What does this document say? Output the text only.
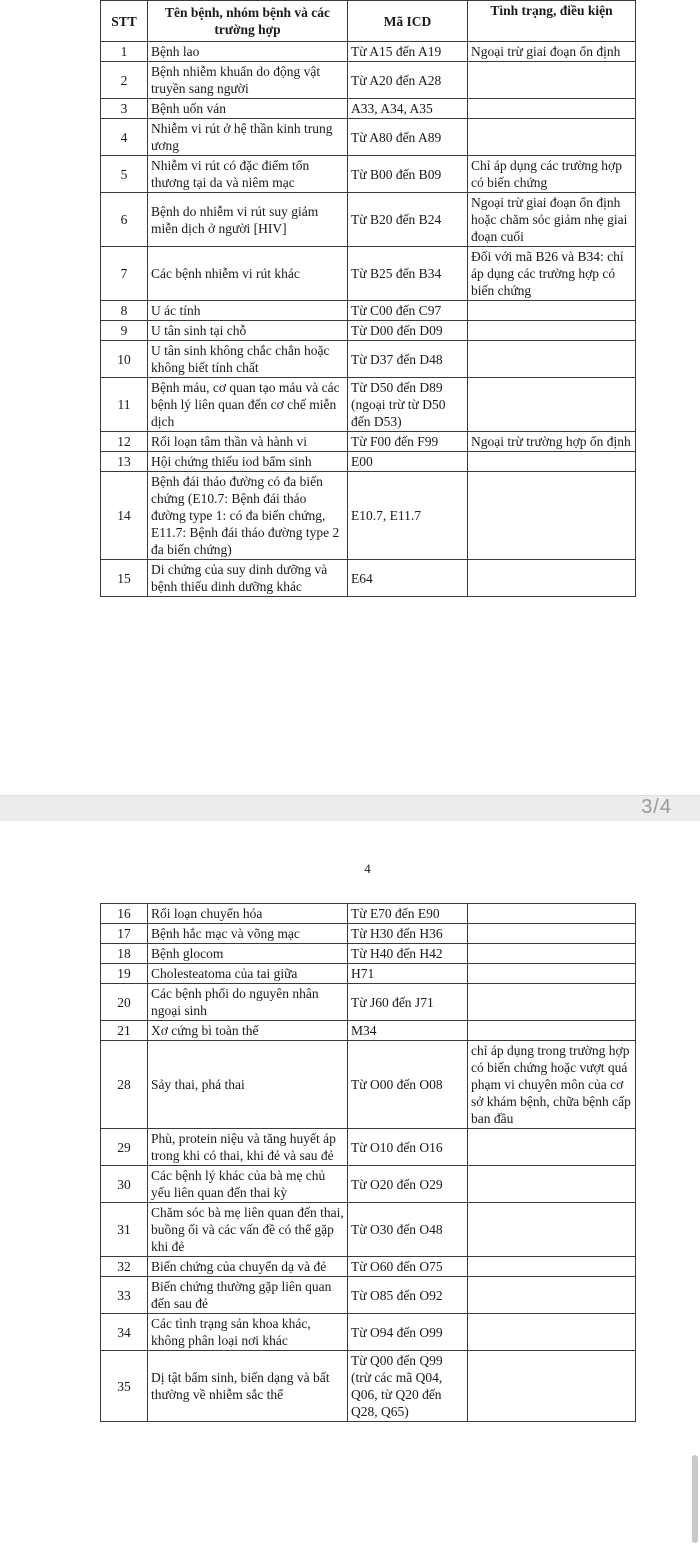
STT	Tên bệnh, nhóm bệnh và các trường hợp	Mã ICD	Tình trạng, điều kiện
1	Bệnh lao	Từ A15 đến A19	Ngoại trừ giai đoạn ổn định
2	Bệnh nhiễm khuẩn do động vật truyền sang người	Từ A20 đến A28	
3	Bệnh uốn ván	A33, A34, A35	
4	Nhiễm vi rút ở hệ thần kinh trung ương	Từ A80 đến A89	
5	Nhiễm vi rút có đặc điểm tổn thương tại da và niêm mạc	Từ B00 đến B09	Chỉ áp dụng các trường hợp có biến chứng
6	Bệnh do nhiễm vi rút suy giảm miễn dịch ở người [HIV]	Từ B20 đến B24	Ngoại trừ giai đoạn ổn định hoặc chăm sóc giảm nhẹ giai đoạn cuối
7	Các bệnh nhiễm vi rút khác	Từ B25 đến B34	Đối với mã B26 và B34: chỉ áp dụng các trường hợp có biến chứng
8	U ác tính	Từ C00 đến C97	
9	U tân sinh tại chỗ	Từ D00 đến D09	
10	U tân sinh không chắc chắn hoặc không biết tính chất	Từ D37 đến D48	
11	Bệnh máu, cơ quan tạo máu và các bệnh lý liên quan đến cơ chế miễn dịch	Từ D50 đến D89 (ngoại trừ từ D50 đến D53)	
12	Rối loạn tâm thần và hành vi	Từ F00 đến F99	Ngoại trừ trường hợp ổn định
13	Hội chứng thiếu iod bẩm sinh	E00	
14	Bệnh đái tháo đường có đa biến chứng (E10.7: Bệnh đái tháo đường type 1: có đa biến chứng, E11.7: Bệnh đái tháo đường type 2 đa biến chứng)	E10.7, E11.7	
15	Di chứng của suy dinh dưỡng và bệnh thiếu dinh dưỡng khác	E64	
3/4
4
16	Rối loạn chuyển hóa	Từ E70 đến E90	
17	Bệnh hắc mạc và võng mạc	Từ H30 đến H36	
18	Bệnh glocom	Từ H40 đến H42	
19	Cholesteatoma của tai giữa	H71	
20	Các bệnh phổi do nguyên nhân ngoại sinh	Từ J60 đến J71	
21	Xơ cứng bì toàn thể	M34	
28	Sảy thai, phá thai	Từ O00 đến O08	chỉ áp dụng trong trường hợp có biến chứng hoặc vượt quá phạm vi chuyên môn của cơ sở khám bệnh, chữa bệnh cấp ban đầu
29	Phù, protein niệu và tăng huyết áp trong khi có thai, khi đẻ và sau đẻ	Từ O10 đến O16	
30	Các bệnh lý khác của bà mẹ chủ yếu liên quan đến thai kỳ	Từ O20 đến O29	
31	Chăm sóc bà mẹ liên quan đến thai, buồng ối và các vấn đề có thể gặp khi đẻ	Từ O30 đến O48	
32	Biến chứng của chuyển dạ và đẻ	Từ O60 đến O75	
33	Biến chứng thường gặp liên quan đến sau đẻ	Từ O85 đến O92	
34	Các tình trạng sản khoa khác, không phân loại nơi khác	Từ O94 đến O99	
35	Dị tật bẩm sinh, biến dạng và bất thường về nhiễm sắc thể	Từ Q00 đến Q99 (trừ các mã Q04, Q06, từ Q20 đến Q28, Q65)	
